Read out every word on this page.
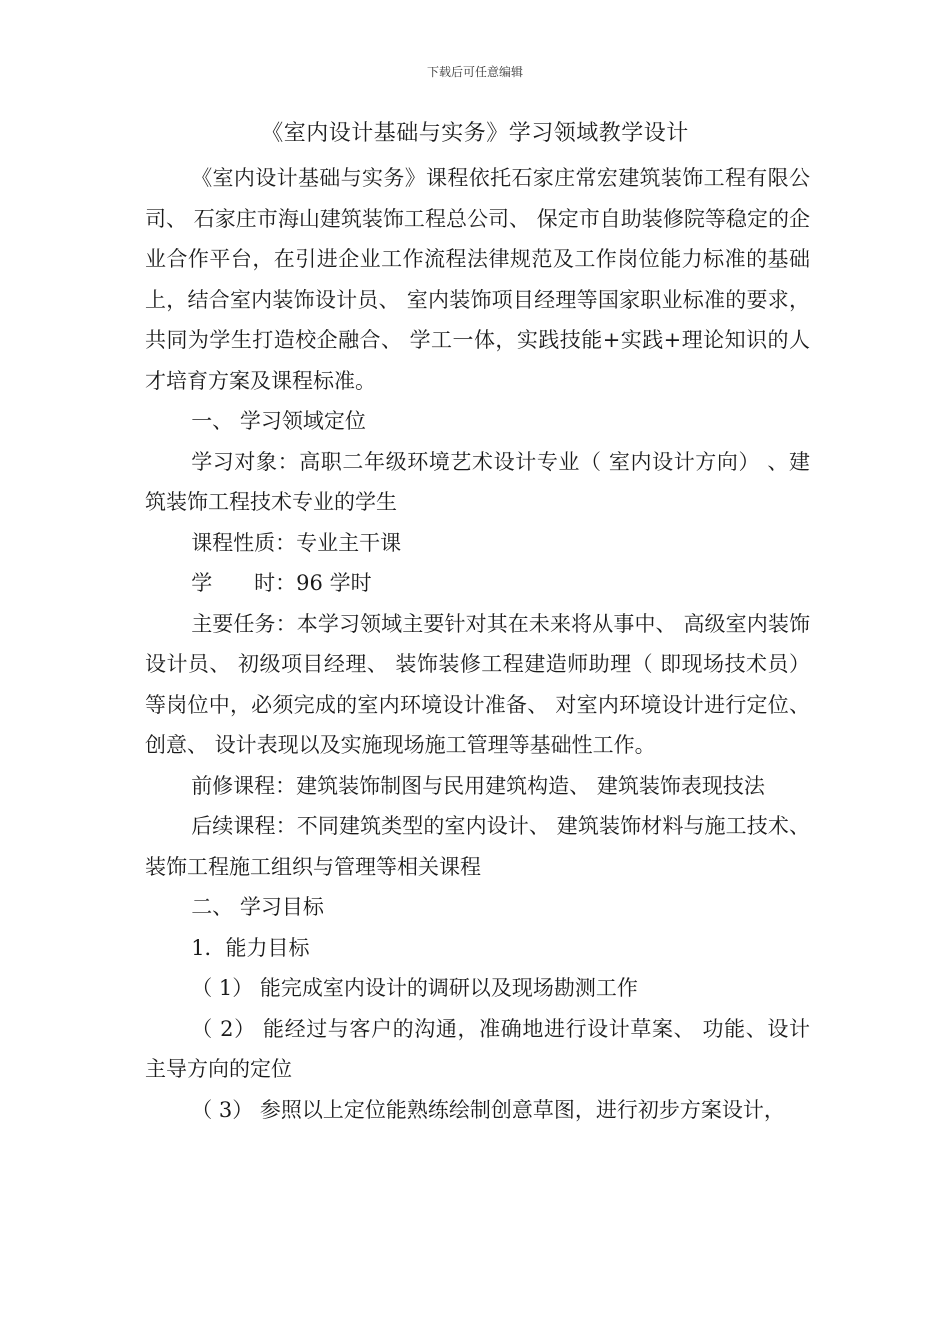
下载后可任意编辑
《室内设计基础与实务》学习领域教学设计

《室内设计基础与实务》课程依托石家庄常宏建筑装饰工程有限公司、 石家庄市海山建筑装饰工程总公司、 保定市自助装修院等稳定的企业合作平台，在引进企业工作流程法律规范及工作岗位能力标准的基础上，结合室内装饰设计员、 室内装饰项目经理等国家职业标准的要求，共同为学生打造校企融合、 学工一体，实践技能+实践+理论知识的人才培育方案及课程标准。

一、 学习领域定位

学习对象：高职二年级环境艺术设计专业（ 室内设计方向） 、建筑装饰工程技术专业的学生

课程性质：专业主干课

学　　时：96 学时

主要任务：本学习领域主要针对其在未来将从事中、 高级室内装饰设计员、 初级项目经理、 装饰装修工程建造师助理（ 即现场技术员） 等岗位中，必须完成的室内环境设计准备、 对室内环境设计进行定位、 创意、 设计表现以及实施现场施工管理等基础性工作。

前修课程：建筑装饰制图与民用建筑构造、 建筑装饰表现技法

后续课程：不同建筑类型的室内设计、 建筑装饰材料与施工技术、 装饰工程施工组织与管理等相关课程

二、 学习目标

1．能力目标

（ 1） 能完成室内设计的调研以及现场勘测工作

（ 2） 能经过与客户的沟通，准确地进行设计草案、 功能、设计主导方向的定位

（ 3） 参照以上定位能熟练绘制创意草图，进行初步方案设计，
